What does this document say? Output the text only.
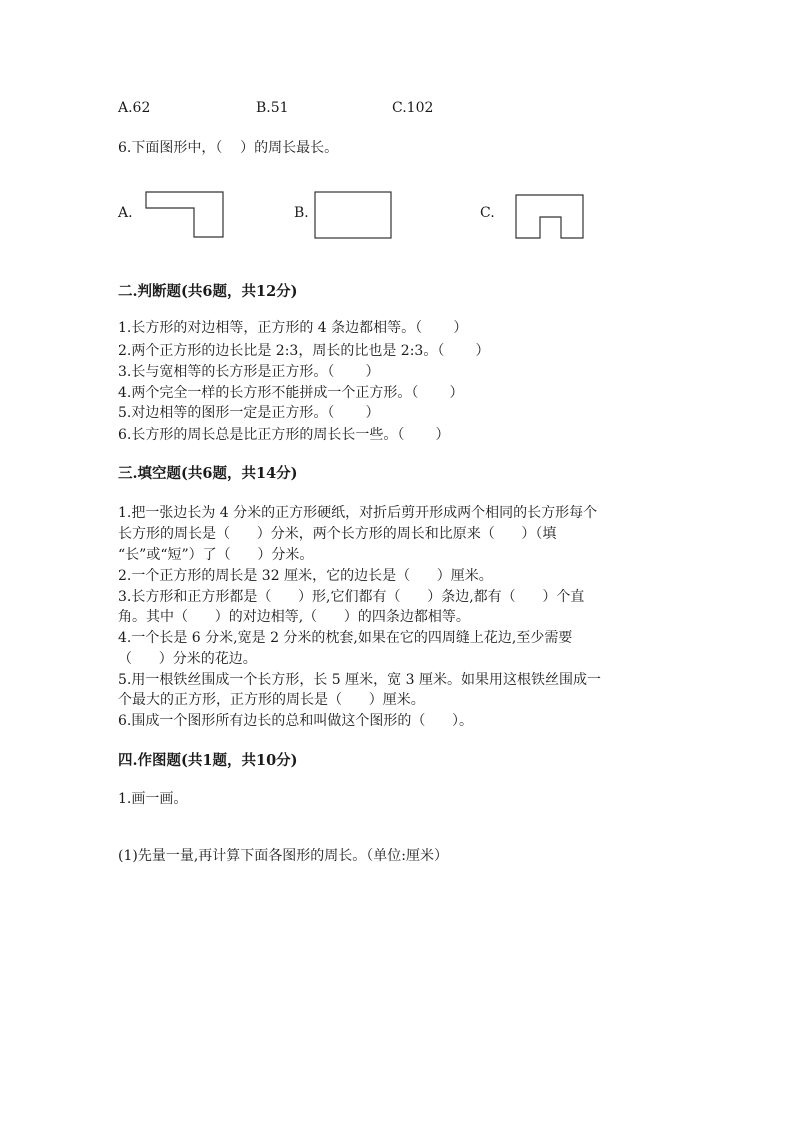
A.62	B.51	C.102
6.下面图形中，（    ）的周长最长。
A.	B.	C.
二.判断题(共6题，共12分)
1.长方形的对边相等，正方形的 4 条边都相等。（       ）
2.两个正方形的边长比是 2:3，周长的比也是 2:3。（       ）
3.长与宽相等的长方形是正方形。（       ）
4.两个完全一样的长方形不能拼成一个正方形。（       ）
5.对边相等的图形一定是正方形。（       ）
6.长方形的周长总是比正方形的周长长一些。（       ）
三.填空题(共6题，共14分)
1.把一张边长为 4 分米的正方形硬纸，对折后剪开形成两个相同的长方形每个
长方形的周长是（      ）分米，两个长方形的周长和比原来（      ）（填
“长”或“短”）了（      ）分米。
2.一个正方形的周长是 32 厘米，它的边长是（      ）厘米。
3.长方形和正方形都是（      ）形,它们都有（      ）条边,都有（      ）个直
角。其中（      ）的对边相等,（      ）的四条边都相等。
4.一个长是 6 分米,宽是 2 分米的枕套,如果在它的四周缝上花边,至少需要
（      ）分米的花边。
5.用一根铁丝围成一个长方形，长 5 厘米，宽 3 厘米。如果用这根铁丝围成一
个最大的正方形，正方形的周长是（      ）厘米。
6.围成一个图形所有边长的总和叫做这个图形的（      ）。
四.作图题(共1题，共10分)
1.画一画。
(1)先量一量,再计算下面各图形的周长。（单位:厘米）
